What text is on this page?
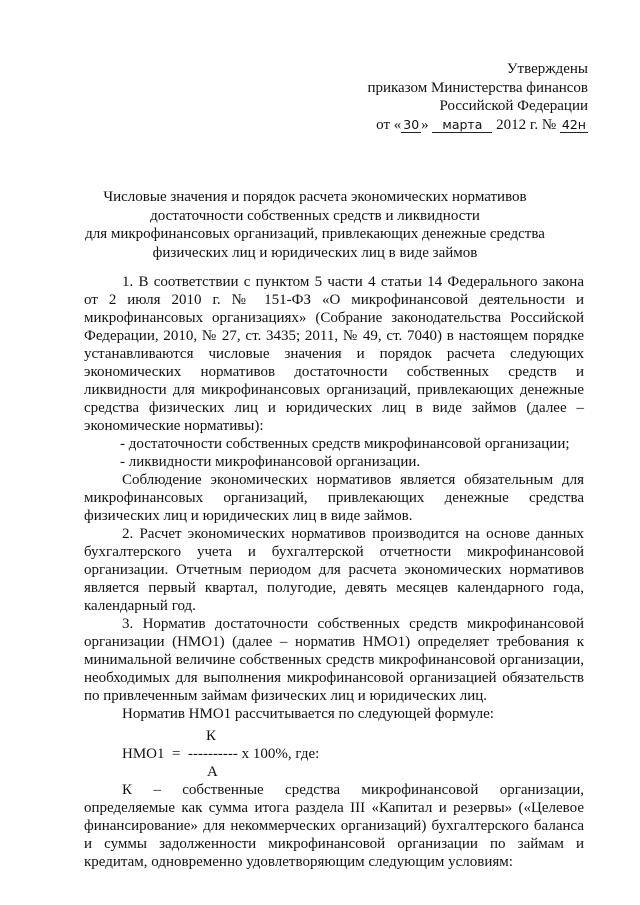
Утверждены
приказом Министерства финансов
Российской Федерации
от « 30 » марта 2012 г. № 42н
Числовые значения и порядок расчета экономических нормативов
достаточности собственных средств и ликвидности
для микрофинансовых организаций, привлекающих денежные средства
физических лиц и юридических лиц в виде займов

1. В соответствии с пунктом 5 части 4 статьи 14 Федерального закона от 2 июля 2010 г. № 151-ФЗ «О микрофинансовой деятельности и микрофинансовых организациях» (Собрание законодательства Российской Федерации, 2010, № 27, ст. 3435; 2011, № 49, ст. 7040) в настоящем порядке устанавливаются числовые значения и порядок расчета следующих экономических нормативов достаточности собственных средств и ликвидности для микрофинансовых организаций, привлекающих денежные средства физических лиц и юридических лиц в виде займов (далее – экономические нормативы):

- достаточности собственных средств микрофинансовой организации;

- ликвидности микрофинансовой организации.

Соблюдение экономических нормативов является обязательным для микрофинансовых организаций, привлекающих денежные средства физических лиц и юридических лиц в виде займов.

2. Расчет экономических нормативов производится на основе данных бухгалтерского учета и бухгалтерской отчетности микрофинансовой организации. Отчетным периодом для расчета экономических нормативов является первый квартал, полугодие, девять месяцев календарного года, календарный год.

3. Норматив достаточности собственных средств микрофинансовой организации (НМО1) (далее – норматив НМО1) определяет требования к минимальной величине собственных средств микрофинансовой организации, необходимых для выполнения микрофинансовой организацией обязательств по привлеченным займам физических лиц и юридических лиц.

Норматив НМО1 рассчитывается по следующей формуле:

К
НМО1  =  ---------- х 100%, где:
А

К – собственные средства микрофинансовой организации, определяемые как сумма итога раздела III «Капитал и резервы» («Целевое финансирование» для некоммерческих организаций) бухгалтерского баланса и суммы задолженности микрофинансовой организации по займам и кредитам, одновременно удовлетворяющим следующим условиям:
